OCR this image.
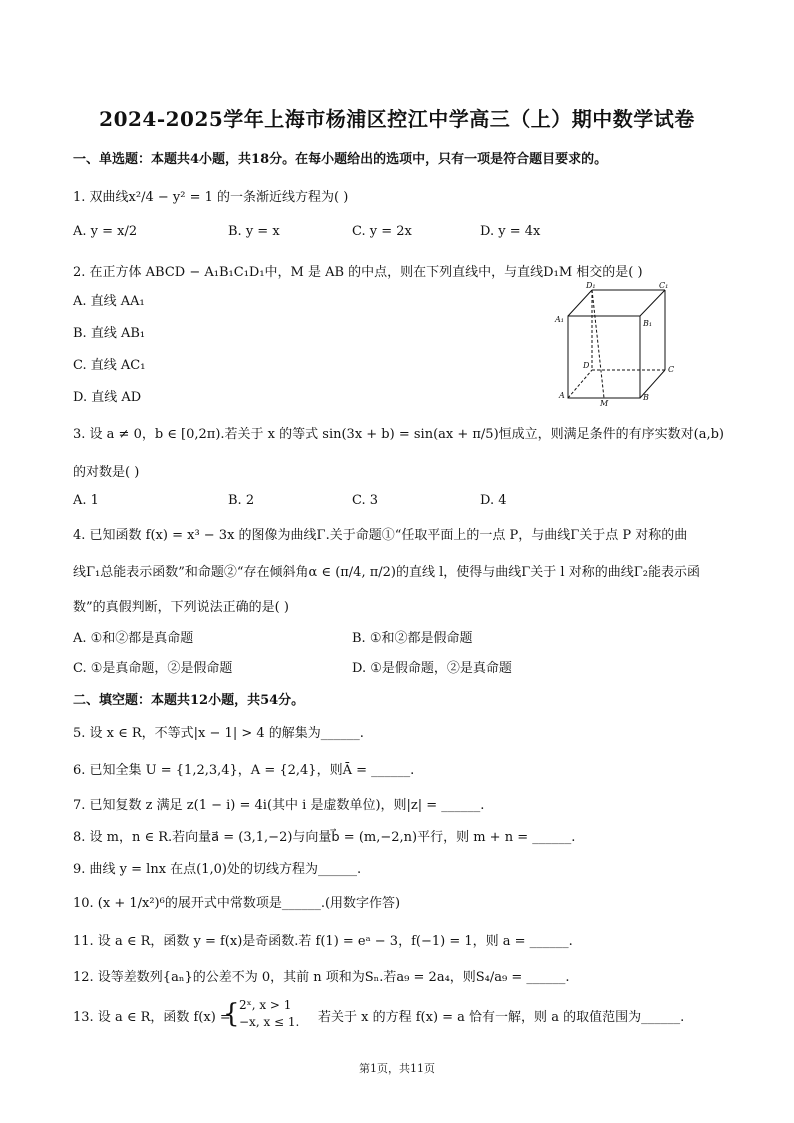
2024-2025学年上海市杨浦区控江中学高三（上）期中数学试卷
一、单选题：本题共4小题，共18分。在每小题给出的选项中，只有一项是符合题目要求的。
1. 双曲线x²/4 − y² = 1 的一条渐近线方程为( )
A. y = x/2	B. y = x	C. y = 2x	D. y = 4x
2. 在正方体 ABCD − A₁B₁C₁D₁中，M 是 AB 的中点，则在下列直线中，与直线D₁M 相交的是( )
A. 直线 AA₁
B. 直线 AB₁
C. 直线 AC₁
D. 直线 AD
D₁	C₁
A₁	B₁
D	C
A
M
B
3. 设 a ≠ 0，b ∈ [0,2π).若关于 x 的等式 sin(3x + b) = sin(ax + π/5)恒成立，则满足条件的有序实数对(a,b)
的对数是( )
A. 1	B. 2	C. 3	D. 4
4. 已知函数 f(x) = x³ − 3x 的图像为曲线Γ.关于命题①“任取平面上的一点 P，与曲线Γ关于点 P 对称的曲
线Γ₁总能表示函数”和命题②“存在倾斜角α ∈ (π/4, π/2)的直线 l，使得与曲线Γ关于 l 对称的曲线Γ₂能表示函
数”的真假判断，下列说法正确的是( )
A. ①和②都是真命题	B. ①和②都是假命题
C. ①是真命题，②是假命题	D. ①是假命题，②是真命题
二、填空题：本题共12小题，共54分。
5. 设 x ∈ R，不等式|x − 1| > 4 的解集为______.
6. 已知全集 U = {1,2,3,4}，A = {2,4}，则Ā = ______.
7. 已知复数 z 满足 z(1 − i) = 4i(其中 i 是虚数单位)，则|z| = ______.
8. 设 m，n ∈ R.若向量a⃗ = (3,1,−2)与向量b⃗ = (m,−2,n)平行，则 m + n = ______.
9. 曲线 y = lnx 在点(1,0)处的切线方程为______.
10. (x + 1/x²)⁶的展开式中常数项是______.(用数字作答)
11. 设 a ∈ R，函数 y = f(x)是奇函数.若 f(1) = eᵃ − 3，f(−1) = 1，则 a = ______.
12. 设等差数列{aₙ}的公差不为 0，其前 n 项和为Sₙ.若a₉ = 2a₄，则S₄/a₉ = ______.
13. 设 a ∈ R，函数 f(x) =
{ 2ˣ, x > 1
−x, x ≤ 1. 若关于 x 的方程 f(x) = a 恰有一解，则 a 的取值范围为______.
第1页，共11页
